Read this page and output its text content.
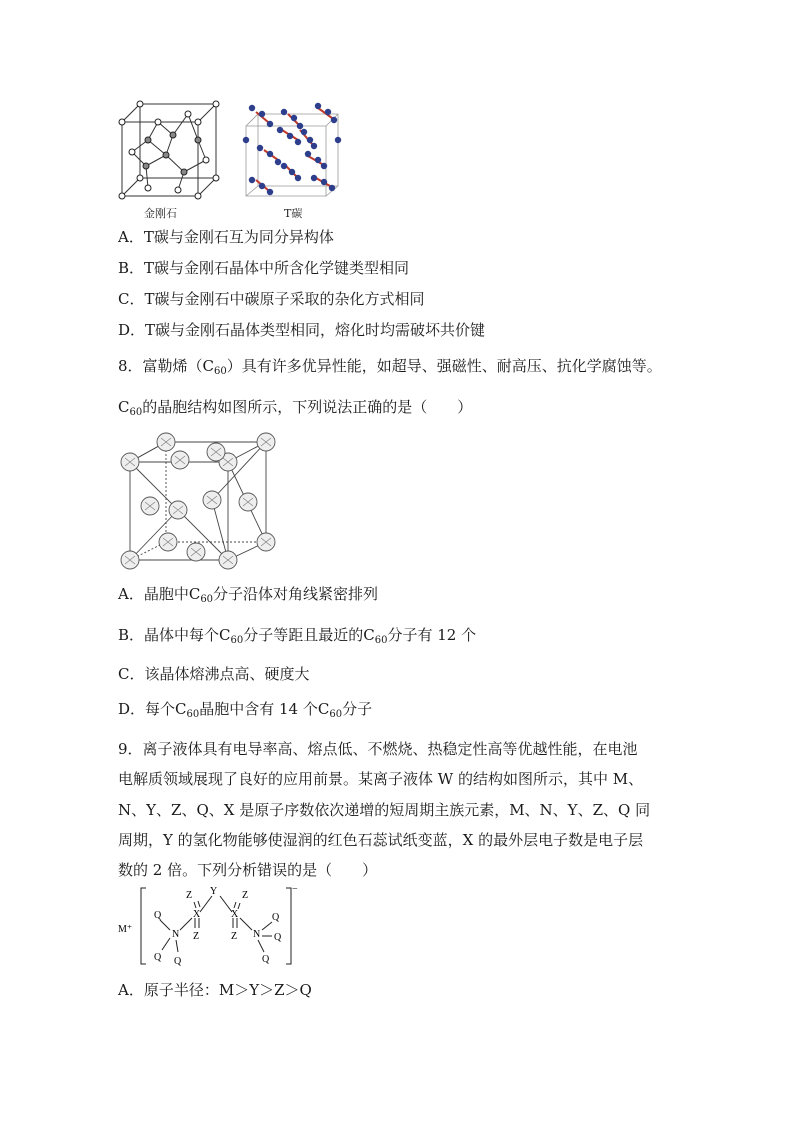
金刚石	T碳
A．T碳与金刚石互为同分异构体
B．T碳与金刚石晶体中所含化学键类型相同
C．T碳与金刚石中碳原子采取的杂化方式相同
D．T碳与金刚石晶体类型相同，熔化时均需破坏共价键
8．富勒烯$(C_{60})$具有许多优异性能，如超导、强磁性、耐高压、抗化学腐蚀等。
$C_{60}$的晶胞结构如图所示，下列说法正确的是（　　）
A．晶胞中$C_{60}$分子沿体对角线紧密排列
B．晶体中每个$C_{60}$分子等距且最近的$C_{60}$分子有 12 个
C．该晶体熔沸点高、硬度大
D．每个$C_{60}$晶胞中含有 14 个$C_{60}$分子
9．离子液体具有电导率高、熔点低、不燃烧、热稳定性高等优越性能，在电池
电解质领域展现了良好的应用前景。某离子液体 W 的结构如图所示，其中 M、
N、Y、Z、Q、X 是原子序数依次递增的短周期主族元素，M、N、Y、Z、Q 同
周期，Y 的氢化物能够使湿润的红色石蕊试纸变蓝，X 的最外层电子数是电子层
数的 2 倍。下列分析错误的是（　　）
M⁺
Y
Z	Z
X	X
Z	Z
N	N
Q
Q Q
Q
Q
Q
−
A．原子半径：M＞Y＞Z＞Q
